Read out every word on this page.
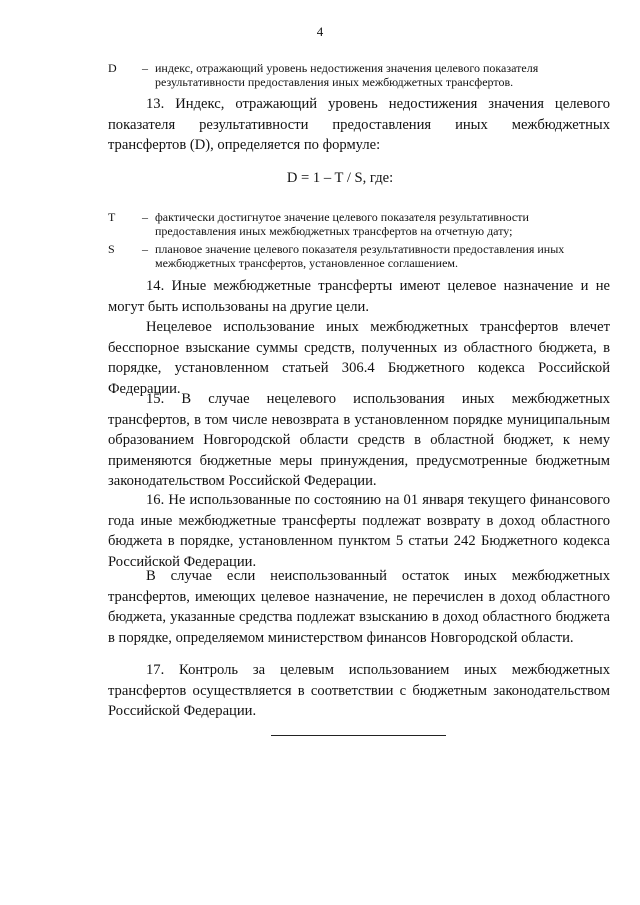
4
D – индекс, отражающий уровень недостижения значения целевого показателя результативности предоставления иных межбюджетных трансфертов.

13. Индекс, отражающий уровень недостижения значения целевого показателя результативности предоставления иных межбюджетных трансфертов (D), определяется по формуле:

D = 1 – T / S, где:
T – фактически достигнутое значение целевого показателя результативности предоставления иных межбюджетных трансфертов на отчетную дату;
S – плановое значение целевого показателя результативности предоставления иных межбюджетных трансфертов, установленное соглашением.

14. Иные межбюджетные трансферты имеют целевое назначение и не могут быть использованы на другие цели.

Нецелевое использование иных межбюджетных трансфертов влечет бесспорное взыскание суммы средств, полученных из областного бюджета, в порядке, установленном статьей 306.4 Бюджетного кодекса Российской Федерации.

15. В случае нецелевого использования иных межбюджетных трансфертов, в том числе невозврата в установленном порядке муниципальным образованием Новгородской области средств в областной бюджет, к нему применяются бюджетные меры принуждения, предусмотренные бюджетным законодательством Российской Федерации.

16. Не использованные по состоянию на 01 января текущего финансового года иные межбюджетные трансферты подлежат возврату в доход областного бюджета в порядке, установленном пунктом 5 статьи 242 Бюджетного кодекса Российской Федерации.

В случае если неиспользованный остаток иных межбюджетных трансфертов, имеющих целевое назначение, не перечислен в доход областного бюджета, указанные средства подлежат взысканию в доход областного бюджета в порядке, определяемом министерством финансов Новгородской области.

17. Контроль за целевым использованием иных межбюджетных трансфертов осуществляется в соответствии с бюджетным законодательством Российской Федерации.
